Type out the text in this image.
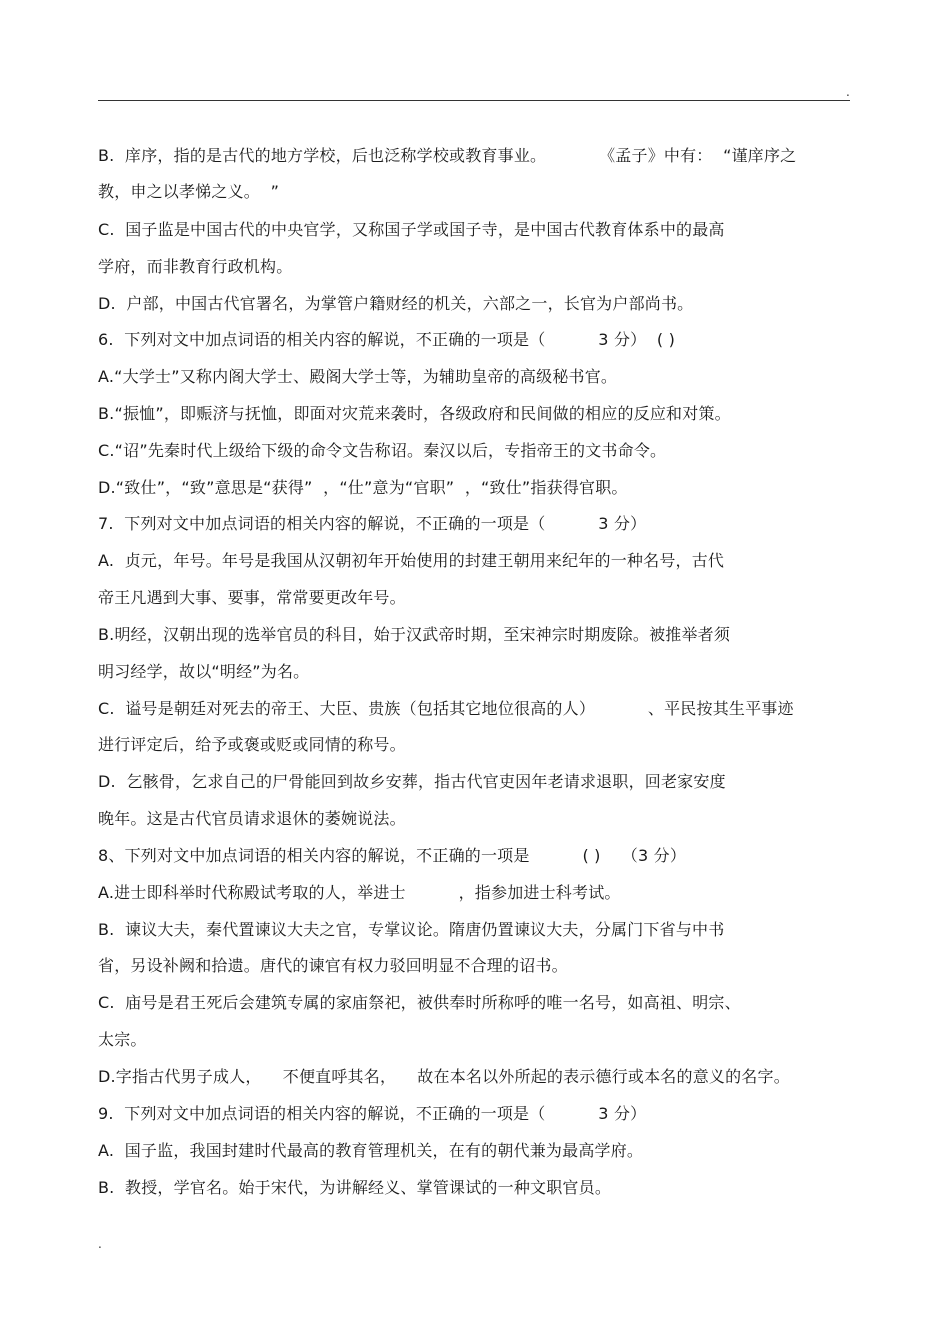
.
B.  庠序，指的是古代的地方学校，后也泛称学校或教育事业。          《孟子》中有：  “谨庠序之
教，申之以孝悌之义。  ”
C.  国子监是中国古代的中央官学，又称国子学或国子寺，是中国古代教育体系中的最高
学府，而非教育行政机构。
D.  户部，中国古代官署名，为掌管户籍财经的机关，六部之一，长官为户部尚书。
6.  下列对文中加点词语的相关内容的解说，不正确的一项是（          3 分）  ( )
A.“大学士”又称内阁大学士、殿阁大学士等，为辅助皇帝的高级秘书官。
B.“振恤”，即赈济与抚恤，即面对灾荒来袭时，各级政府和民间做的相应的反应和对策。
C.“诏”先秦时代上级给下级的命令文告称诏。秦汉以后，专指帝王的文书命令。
D.“致仕”，“致”意思是“获得”  ，“仕”意为“官职”  ，“致仕”指获得官职。
7.  下列对文中加点词语的相关内容的解说，不正确的一项是（          3 分）
A.  贞元，年号。年号是我国从汉朝初年开始使用的封建王朝用来纪年的一种名号，古代
帝王凡遇到大事、要事，常常要更改年号。
B.明经，汉朝出现的选举官员的科目，始于汉武帝时期，至宋神宗时期废除。被推举者须
明习经学，故以“明经”为名。
C.  谥号是朝廷对死去的帝王、大臣、贵族（包括其它地位很高的人）          、平民按其生平事迹
进行评定后，给予或褒或贬或同情的称号。
D.  乞骸骨，乞求自己的尸骨能回到故乡安葬，指古代官吏因年老请求退职，回老家安度
晚年。这是古代官员请求退休的萎婉说法。
8、下列对文中加点词语的相关内容的解说，不正确的一项是          ( )    （3 分）
A.进士即科举时代称殿试考取的人，举进士          ，指参加进士科考试。
B.  谏议大夫，秦代置谏议大夫之官，专掌议论。隋唐仍置谏议大夫，分属门下省与中书
省，另设补阙和拾遗。唐代的谏官有权力驳回明显不合理的诏书。
C.  庙号是君王死后会建筑专属的家庙祭祀，被供奉时所称呼的唯一名号，如高祖、明宗、
太宗。
D.字指古代男子成人，    不便直呼其名，    故在本名以外所起的表示德行或本名的意义的名字。
9.  下列对文中加点词语的相关内容的解说，不正确的一项是（          3 分）
A.  国子监，我国封建时代最高的教育管理机关，在有的朝代兼为最高学府。
B.  教授，学官名。始于宋代，为讲解经义、掌管课试的一种文职官员。
.
